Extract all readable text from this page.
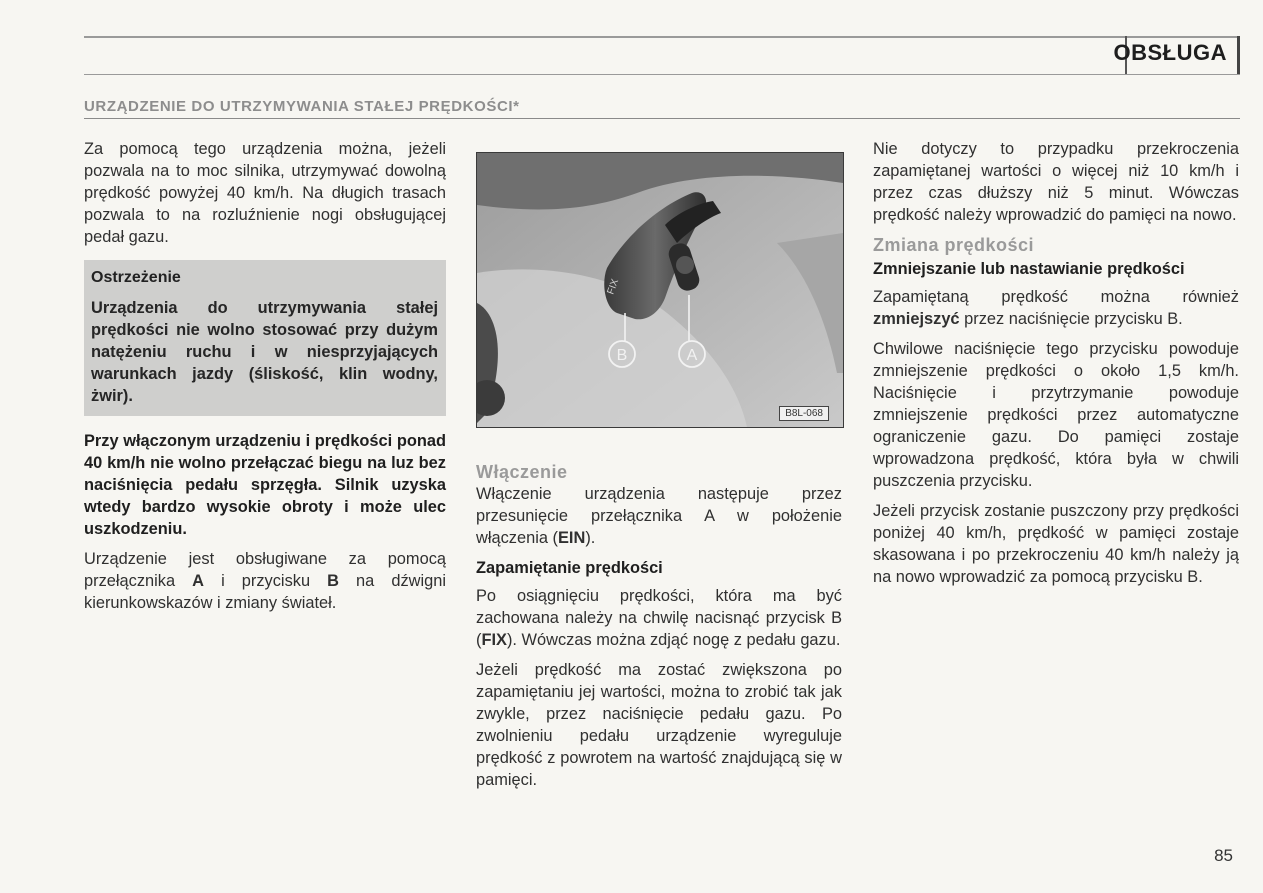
OBSŁUGA
URZĄDZENIE DO UTRZYMYWANIA STAŁEJ PRĘDKOŚCI*

Za pomocą tego urządzenia można, jeżeli pozwala na to moc silnika, utrzymywać dowolną prędkość powyżej 40 km/h. Na długich trasach pozwala to na rozluźnienie nogi obsługującej pedał gazu.

Ostrzeżenie
Urządzenia do utrzymywania stałej prędkości nie wolno stosować przy dużym natężeniu ruchu i w niesprzyjających warunkach jazdy (śliskość, klin wodny, żwir).

Przy włączonym urządzeniu i prędkości ponad 40 km/h nie wolno przełączać biegu na luz bez naciśnięcia pedału sprzęgła. Silnik uzyska wtedy bardzo wysokie obroty i może ulec uszkodzeniu.

Urządzenie jest obsługiwane za pomocą przełącznika A i przycisku B na dźwigni kierunkowskazów i zmiany świateł.

FIX
B	A
B8L-068
Włączenie

Włączenie urządzenia następuje przez przesunięcie przełącznika A w położenie włączenia (EIN).

Zapamiętanie prędkości

Po osiągnięciu prędkości, która ma być zachowana należy na chwilę nacisnąć przycisk B (FIX). Wówczas można zdjąć nogę z pedału gazu.

Jeżeli prędkość ma zostać zwiększona po zapamiętaniu jej wartości, można to zrobić tak jak zwykle, przez naciśnięcie pedału gazu. Po zwolnieniu pedału urządzenie wyreguluje prędkość z powrotem na wartość znajdującą się w pamięci.

Nie dotyczy to przypadku przekroczenia zapamiętanej wartości o więcej niż 10 km/h i przez czas dłuższy niż 5 minut. Wówczas prędkość należy wprowadzić do pamięci na nowo.

Zmiana prędkości
Zmniejszanie lub nastawianie prędkości

Zapamiętaną prędkość można również zmniejszyć przez naciśnięcie przycisku B.

Chwilowe naciśnięcie tego przycisku powoduje zmniejszenie prędkości o około 1,5 km/h. Naciśnięcie i przytrzymanie powoduje zmniejszenie prędkości przez automatyczne ograniczenie gazu. Do pamięci zostaje wprowadzona prędkość, która była w chwili puszczenia przycisku.

Jeżeli przycisk zostanie puszczony przy prędkości poniżej 40 km/h, prędkość w pamięci zostaje skasowana i po przekroczeniu 40 km/h należy ją na nowo wprowadzić za pomocą przycisku B.

85
